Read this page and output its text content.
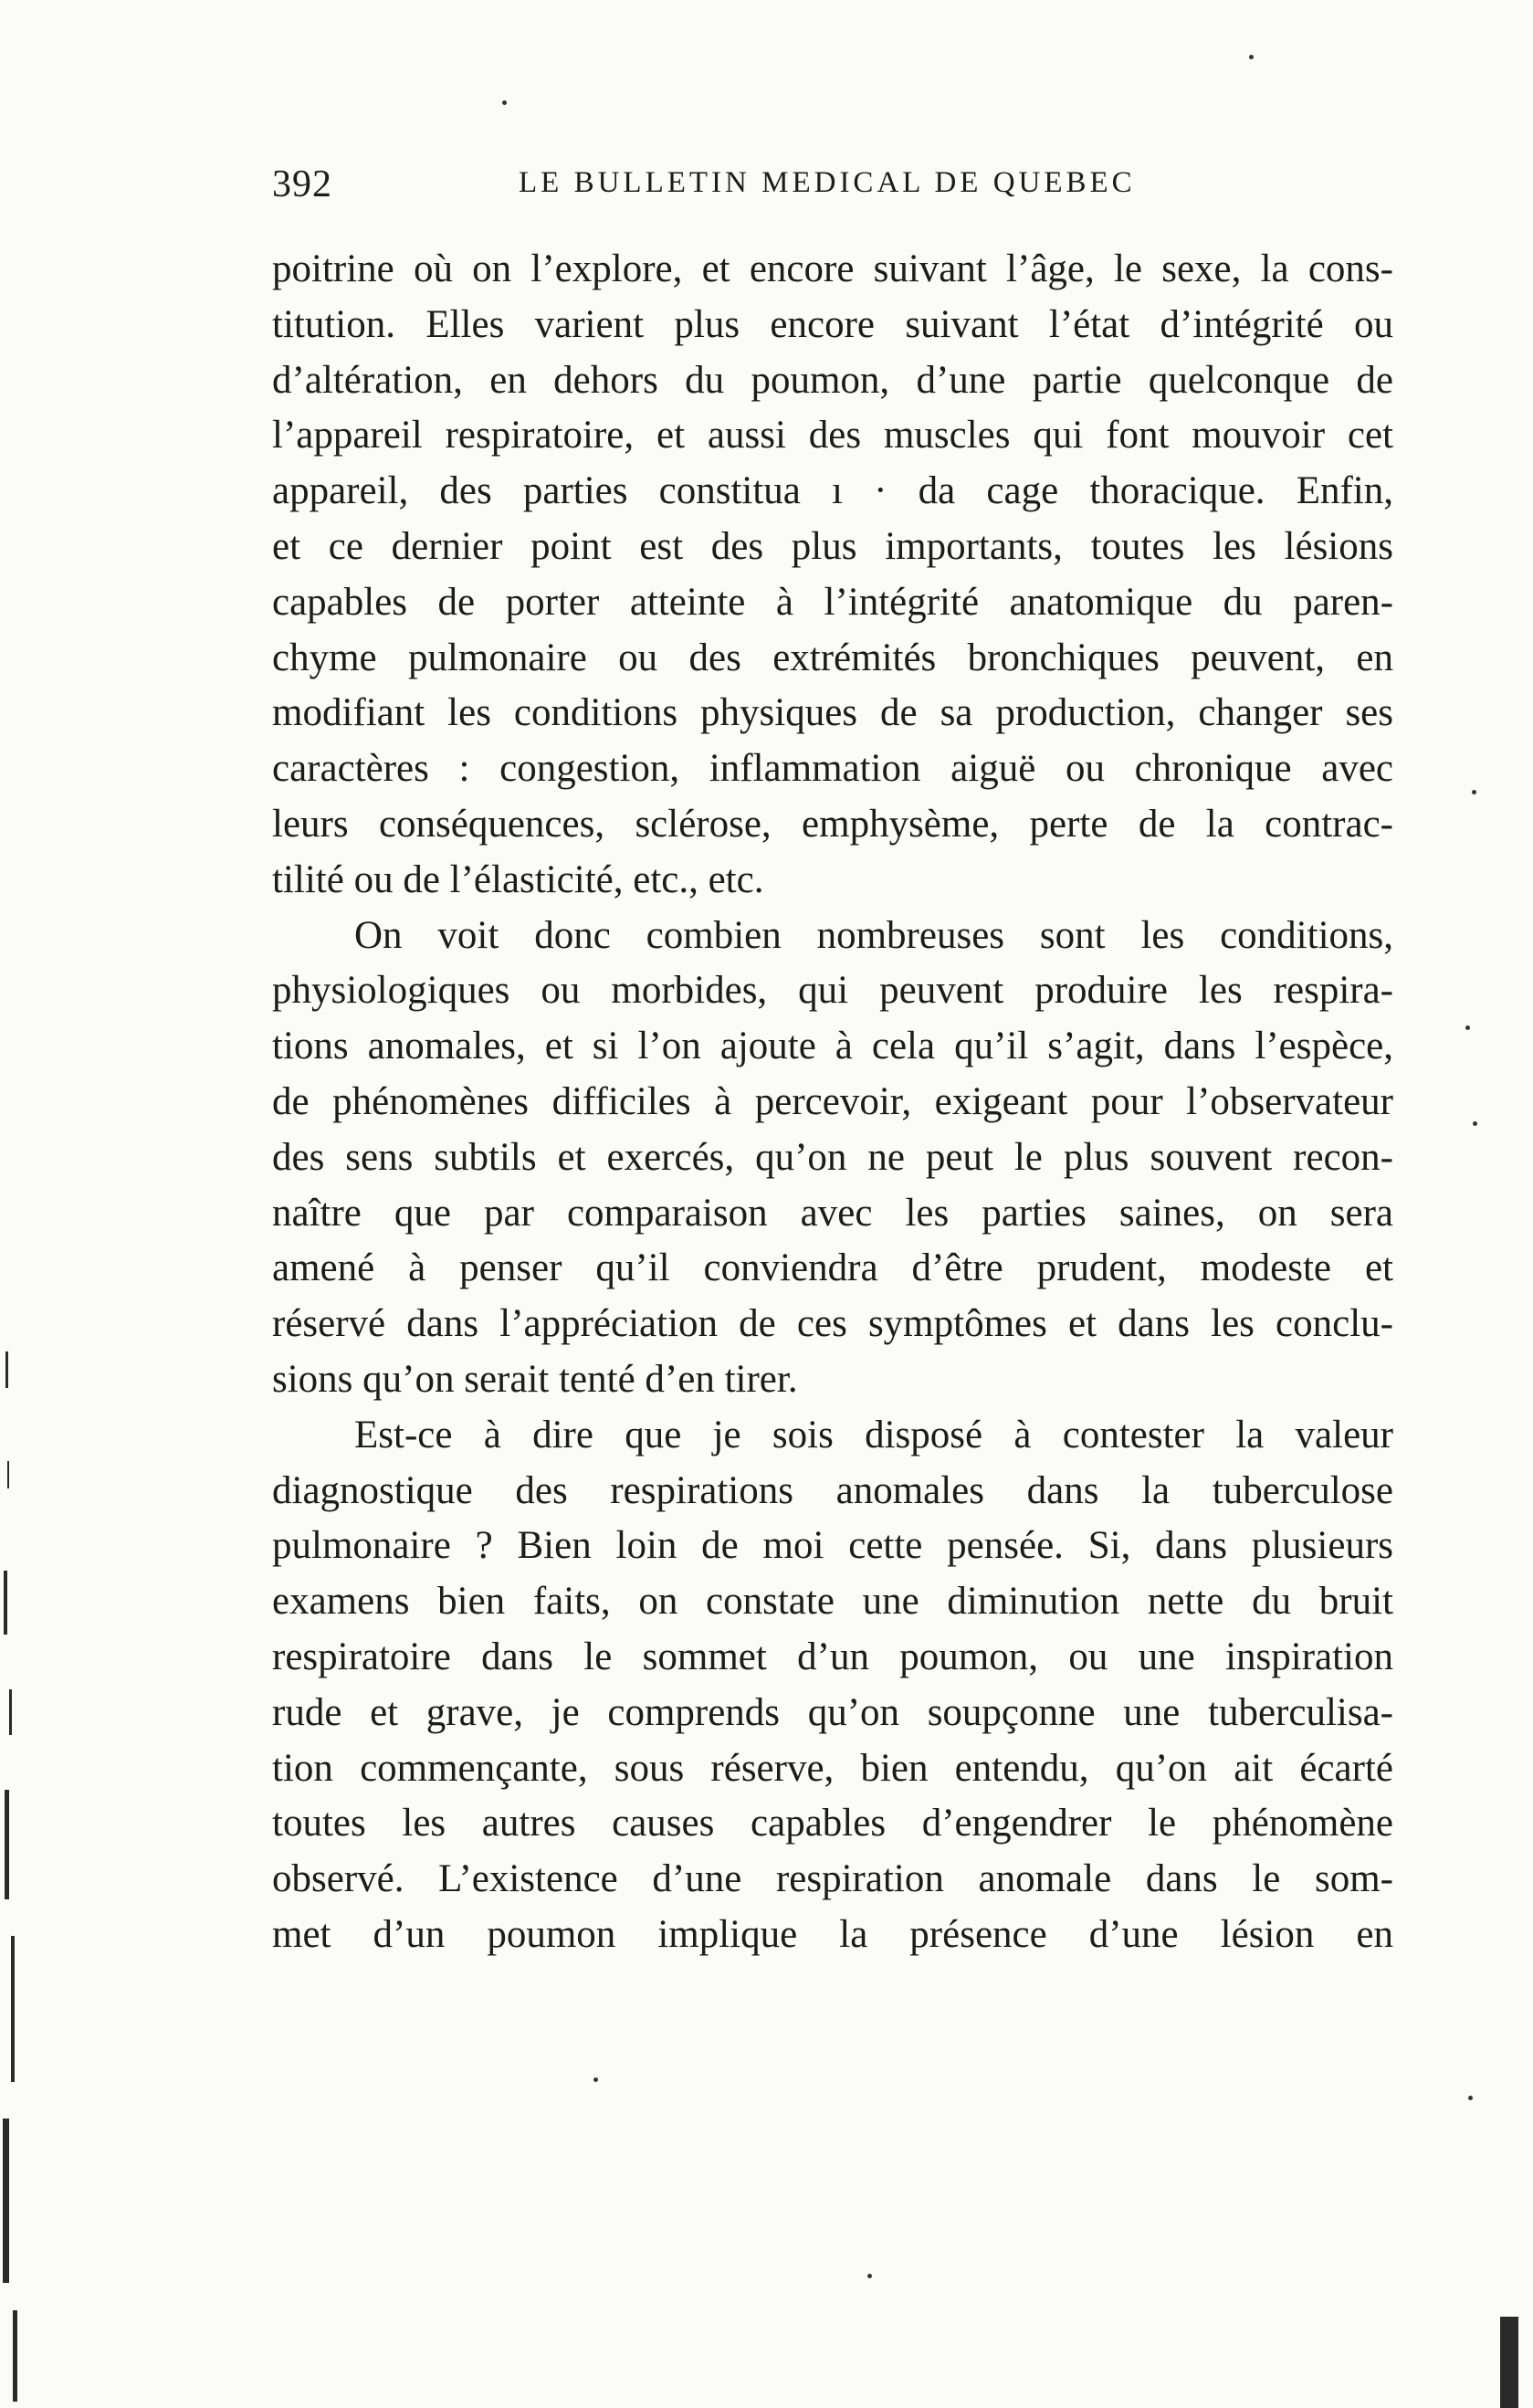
392	LE BULLETIN MEDICAL DE QUEBEC
poitrine où on l’explore, et encore suivant l’âge, le sexe, la cons-
titution. Elles varient plus encore suivant l’état d’intégrité ou
d’altération, en dehors du poumon, d’une partie quelconque de
l’appareil respiratoire, et aussi des muscles qui font mouvoir cet
appareil, des parties constitua ı · da cage thoracique. Enfin,
et ce dernier point est des plus importants, toutes les lésions
capables de porter atteinte à l’intégrité anatomique du paren-
chyme pulmonaire ou des extrémités bronchiques peuvent, en
modifiant les conditions physiques de sa production, changer ses
caractères : congestion, inflammation aiguë ou chronique avec
leurs conséquences, sclérose, emphysème, perte de la contrac-
tilité ou de l’élasticité, etc., etc.
On voit donc combien nombreuses sont les conditions,
physiologiques ou morbides, qui peuvent produire les respira-
tions anomales, et si l’on ajoute à cela qu’il s’agit, dans l’espèce,
de phénomènes difficiles à percevoir, exigeant pour l’observateur
des sens subtils et exercés, qu’on ne peut le plus souvent recon-
naître que par comparaison avec les parties saines, on sera
amené à penser qu’il conviendra d’être prudent, modeste et
réservé dans l’appréciation de ces symptômes et dans les conclu-
sions qu’on serait tenté d’en tirer.
Est-ce à dire que je sois disposé à contester la valeur
diagnostique des respirations anomales dans la tuberculose
pulmonaire ? Bien loin de moi cette pensée. Si, dans plusieurs
examens bien faits, on constate une diminution nette du bruit
respiratoire dans le sommet d’un poumon, ou une inspiration
rude et grave, je comprends qu’on soupçonne une tuberculisa-
tion commençante, sous réserve, bien entendu, qu’on ait écarté
toutes les autres causes capables d’engendrer le phénomène
observé. L’existence d’une respiration anomale dans le som-
met d’un poumon implique la présence d’une lésion en
